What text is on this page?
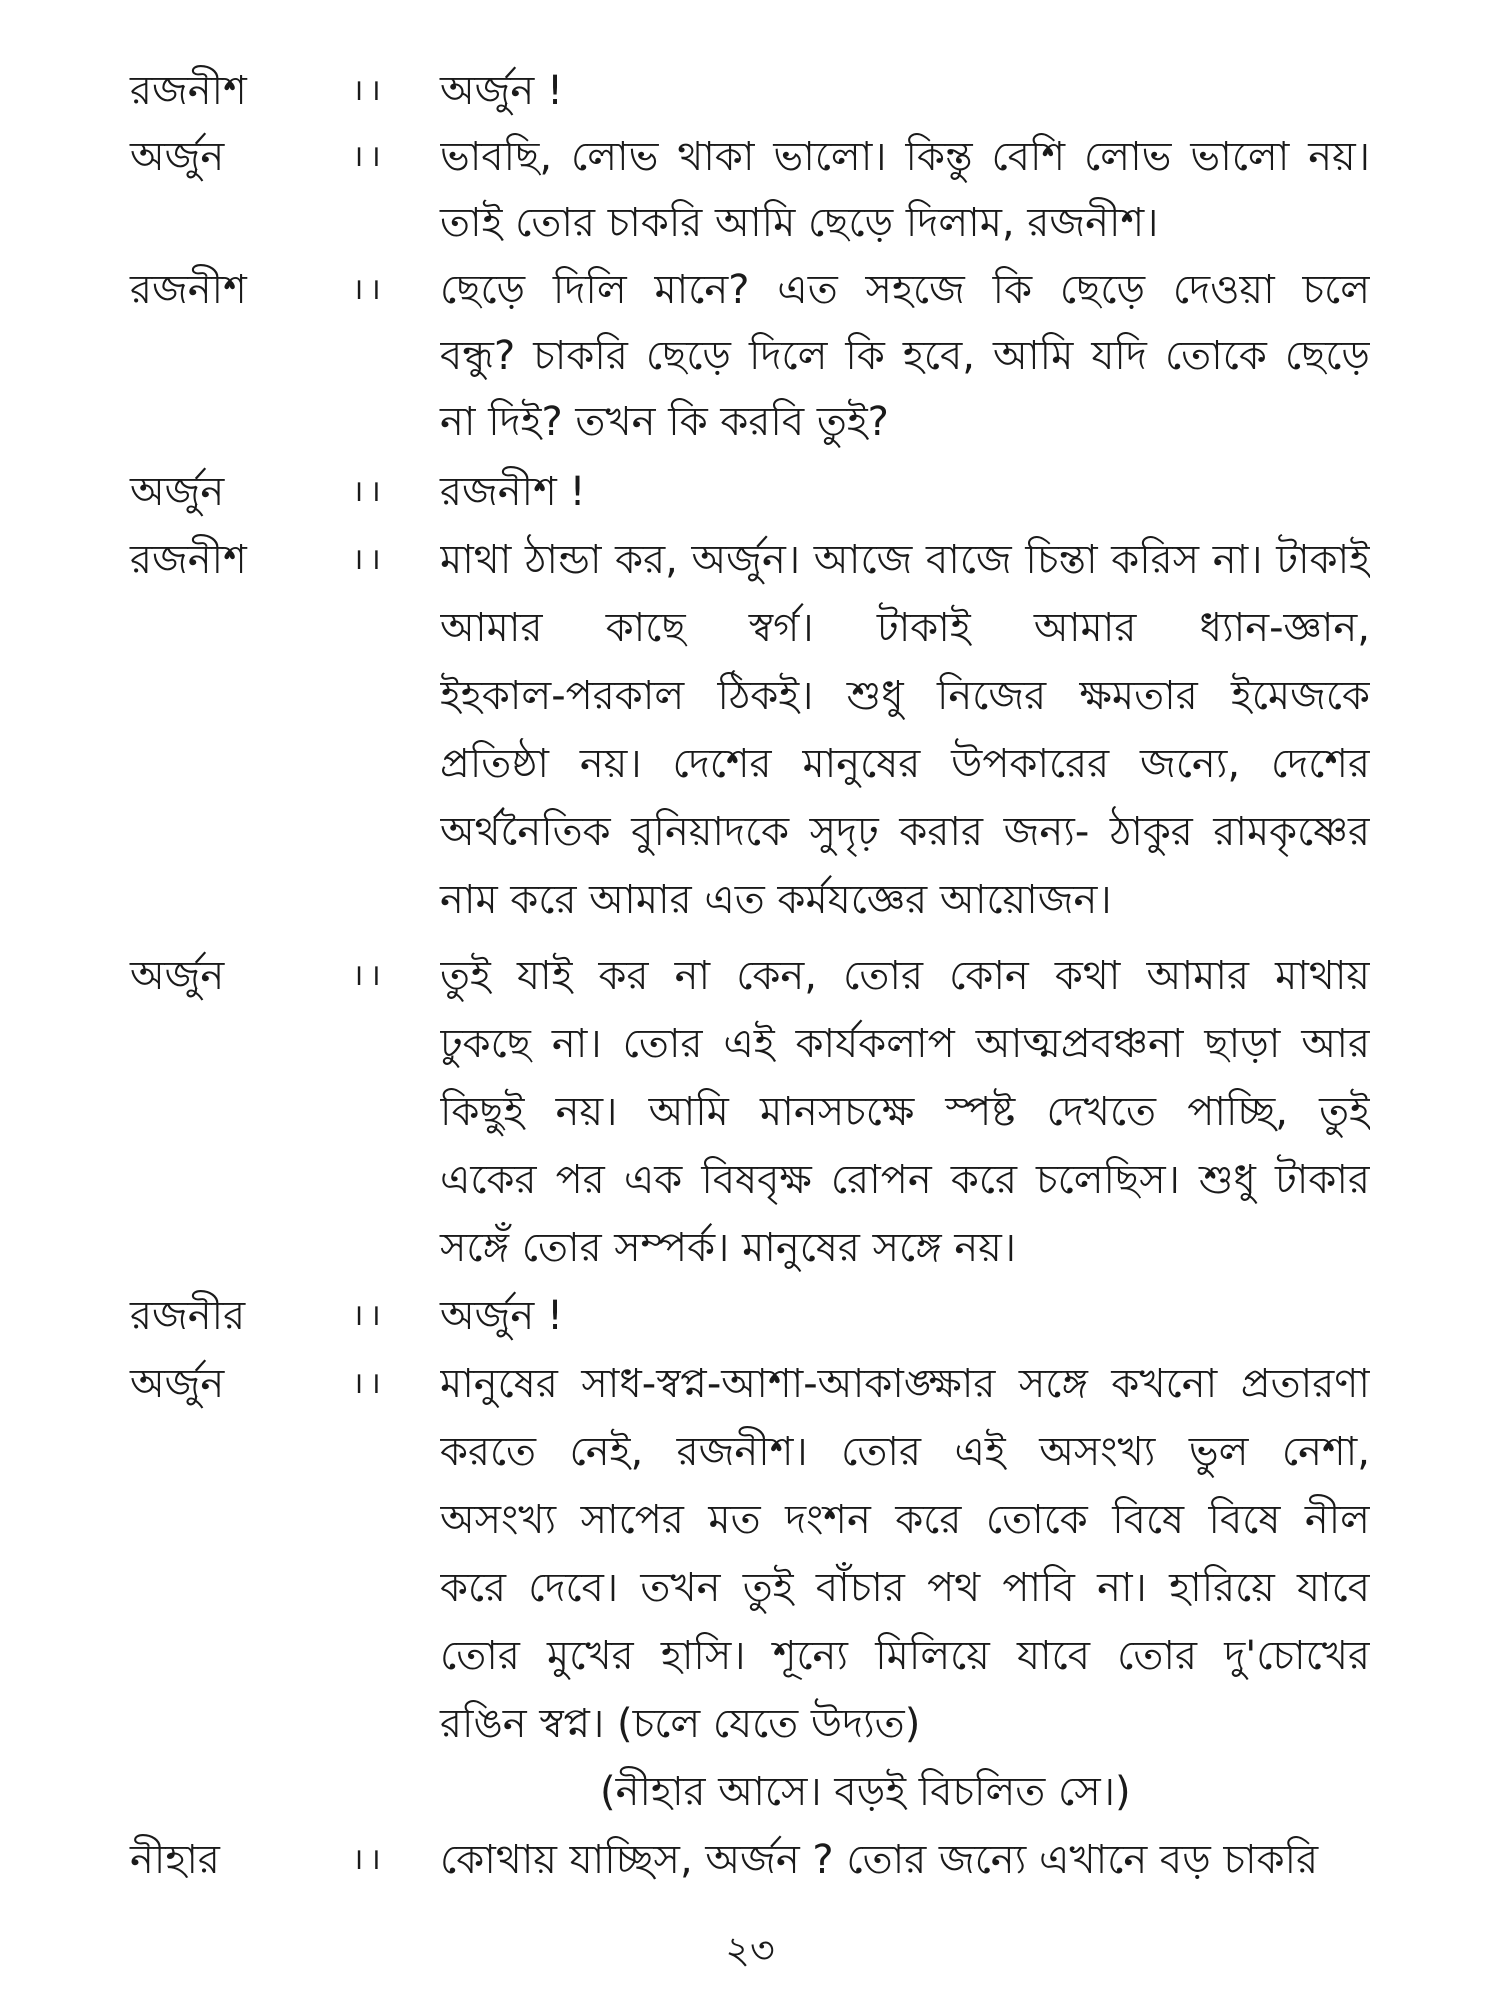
রজনীশ	।। অর্জুন !
অর্জুন	।। ভাবছি, লোভ থাকা ভালো। কিন্তু বেশি লোভ ভালো নয়।
তাই তোর চাকরি আমি ছেড়ে দিলাম, রজনীশ।
রজনীশ	।। ছেড়ে দিলি মানে? এত সহজে কি ছেড়ে দেওয়া চলে
বন্ধু? চাকরি ছেড়ে দিলে কি হবে, আমি যদি তোকে ছেড়ে
না দিই? তখন কি করবি তুই?
অর্জুন	।। রজনীশ !
রজনীশ	।। মাথা ঠান্ডা কর, অর্জুন। আজে বাজে চিন্তা করিস না। টাকাই
আমার কাছে স্বর্গ। টাকাই আমার ধ্যান-জ্ঞান,
ইহকাল-পরকাল ঠিকই। শুধু নিজের ক্ষমতার ইমেজকে
প্রতিষ্ঠা নয়। দেশের মানুষের উপকারের জন্যে, দেশের
অর্থনৈতিক বুনিয়াদকে সুদৃঢ় করার জন্য- ঠাকুর রামকৃষ্ণের
নাম করে আমার এত কর্মযজ্ঞের আয়োজন।
অর্জুন	।। তুই যাই কর না কেন, তোর কোন কথা আমার মাথায়
ঢুকছে না। তোর এই কার্যকলাপ আত্মপ্রবঞ্চনা ছাড়া আর
কিছুই নয়। আমি মানসচক্ষে স্পষ্ট দেখতে পাচ্ছি, তুই
একের পর এক বিষবৃক্ষ রোপন করে চলেছিস। শুধু টাকার
সঙ্গেঁ তোর সম্পর্ক। মানুষের সঙ্গে নয়।
রজনীর	।। অর্জুন !
অর্জুন	।। মানুষের সাধ-স্বপ্ন-আশা-আকাঙ্ক্ষার সঙ্গে কখনো প্রতারণা
করতে নেই, রজনীশ। তোর এই অসংখ্য ভুল নেশা,
অসংখ্য সাপের মত দংশন করে তোকে বিষে বিষে নীল
করে দেবে। তখন তুই বাঁচার পথ পাবি না। হারিয়ে যাবে
তোর মুখের হাসি। শূন্যে মিলিয়ে যাবে তোর দু'চোখের
রঙিন স্বপ্ন। (চলে যেতে উদ্যত)
(নীহার আসে। বড়ই বিচলিত সে।)
নীহার	।। কোথায় যাচ্ছিস, অর্জন ? তোর জন্যে এখানে বড় চাকরি
২৩
